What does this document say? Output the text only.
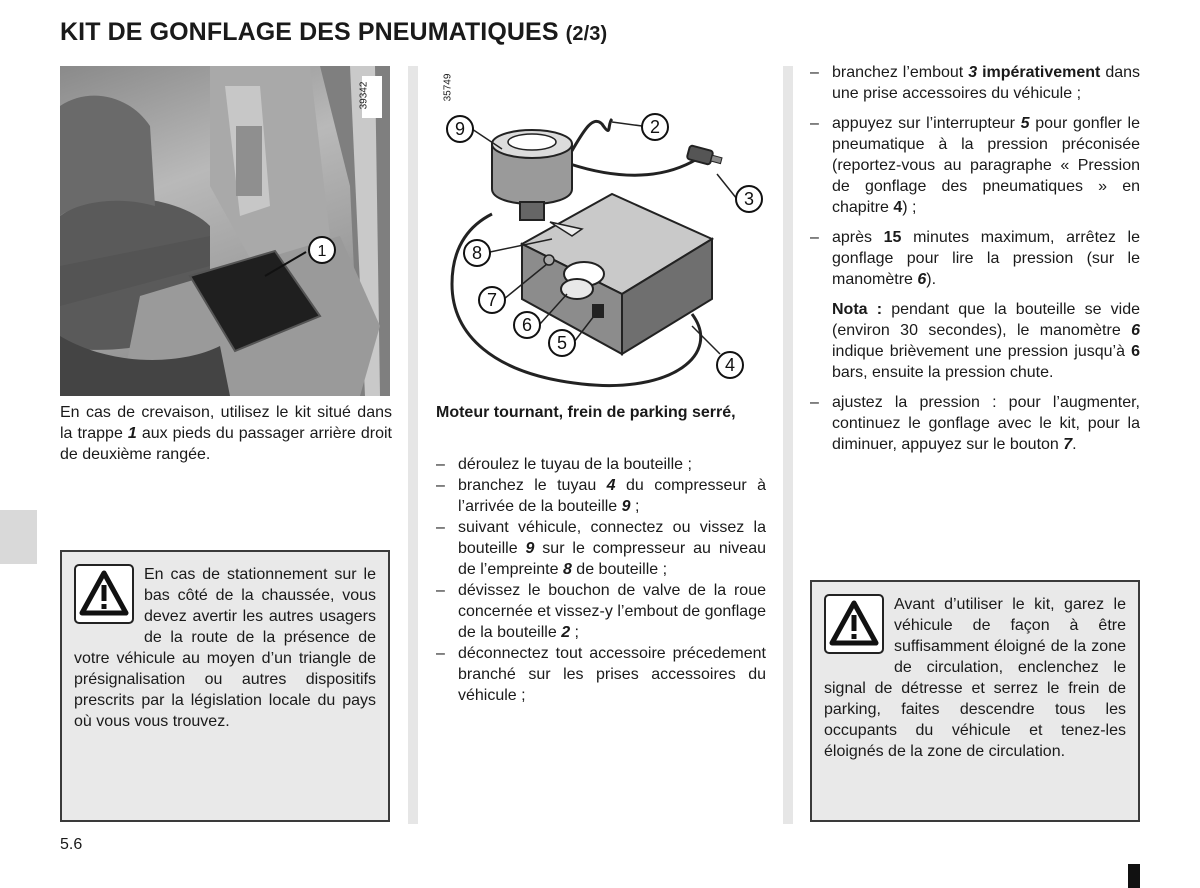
KIT DE GONFLAGE DES PNEUMATIQUES (2/3)
1
39342
En cas de crevaison, utilisez le kit situé dans la trappe 1 aux pieds du passager arrière droit de deuxième rangée.

En cas de stationnement sur le bas côté de la chaussée, vous devez avertir les autres usagers de la route de la présence de votre véhicule au moyen d’un triangle de présignalisation ou autres dispositifs prescrits par la législation locale du pays où vous vous trouvez.

9	2
3
8
7
6
5
4
35749
Moteur tournant, frein de parking serré,
– déroulez le tuyau de la bouteille ;
– branchez le tuyau 4 du compresseur à l’arrivée de la bouteille 9 ;
– suivant véhicule, connectez ou vissez la bouteille 9 sur le compresseur au niveau de l’empreinte 8 de bouteille ;
– dévissez le bouchon de valve de la roue concernée et vissez-y l’embout de gonflage de la bouteille 2 ;
– déconnectez tout accessoire précedement branché sur les prises accessoires du véhicule ;
– branchez l’embout 3 impérativement dans une prise accessoires du véhicule ;
– appuyez sur l’interrupteur 5 pour gonfler le pneumatique à la pression préconisée (reportez-vous au paragraphe « Pression de gonflage des pneumatiques » en chapitre 4) ;
– après 15 minutes maximum, arrêtez le gonflage pour lire la pression (sur le manomètre 6).

Nota : pendant que la bouteille se vide (environ 30 secondes), le manomètre 6 indique brièvement une pression jusqu’à 6 bars, ensuite la pression chute.

– ajustez la pression : pour l’augmenter, continuez le gonflage avec le kit, pour la diminuer, appuyez sur le bouton 7.

Avant d’utiliser le kit, garez le véhicule de façon à être suffisamment éloigné de la zone de circulation, enclenchez le signal de détresse et serrez le frein de parking, faites descendre tous les occupants du véhicule et tenez-les éloignés de la zone de circulation.

5.6
